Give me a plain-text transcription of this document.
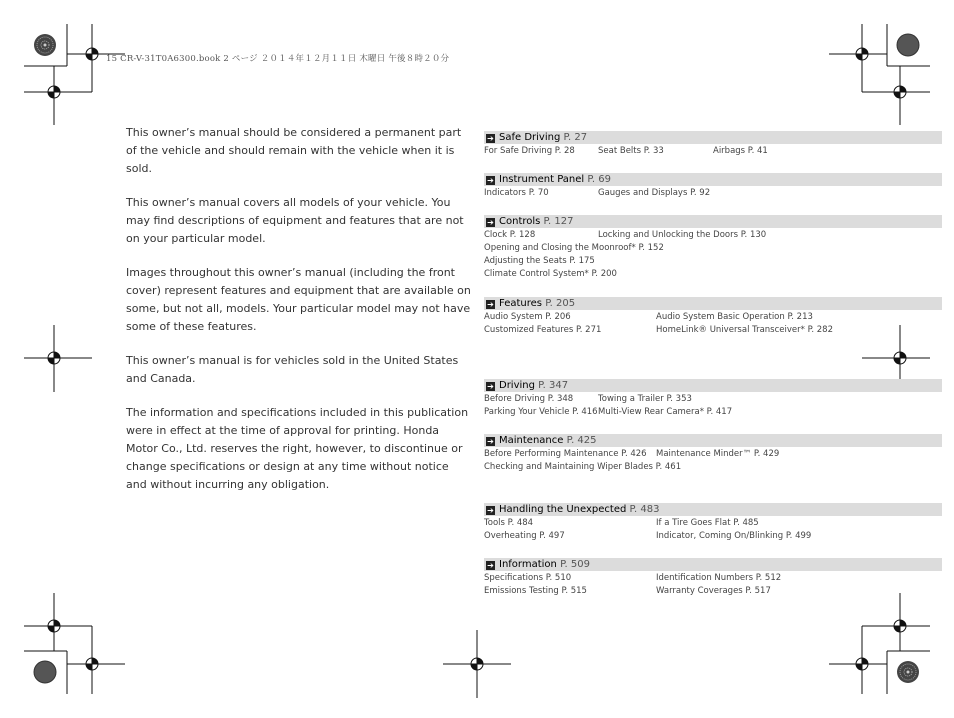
15 CR-V-31T0A6300.book 2 ページ ２０１４年１２月１１日 木曜日 午後８時２０分

This owner’s manual should be considered a permanent part of the vehicle and should remain with the vehicle when it is sold.

This owner’s manual covers all models of your vehicle. You may find descriptions of equipment and features that are not on your particular model.

Images throughout this owner’s manual (including the front cover) represent features and equipment that are available on some, but not all, models. Your particular model may not have some of these features.

This owner’s manual is for vehicles sold in the United States and Canada.

The information and specifications included in this publication were in effect at the time of approval for printing. Honda Motor Co., Ltd. reserves the right, however, to discontinue or change specifications or design at any time without notice and without incurring any obligation.

➔ Safe Driving P. 27
For Safe Driving P. 28	Seat Belts P. 33	Airbags P. 41
➔ Instrument Panel P. 69
Indicators P. 70	Gauges and Displays P. 92
➔ Controls P. 127
Clock P. 128	Locking and Unlocking the Doors P. 130
Opening and Closing the Moonroof* P. 152
Adjusting the Seats P. 175
Climate Control System* P. 200
➔ Features P. 205
Audio System P. 206	Audio System Basic Operation P. 213
Customized Features P. 271	HomeLink® Universal Transceiver* P. 282
➔ Driving P. 347
Before Driving P. 348	Towing a Trailer P. 353
Parking Your Vehicle P. 416 Multi-View Rear Camera* P. 417
➔ Maintenance P. 425
Before Performing Maintenance P. 426	Maintenance Minder™ P. 429
Checking and Maintaining Wiper Blades P. 461
➔ Handling the Unexpected P. 483
Tools P. 484	If a Tire Goes Flat P. 485
Overheating P. 497	Indicator, Coming On/Blinking P. 499
➔ Information P. 509
Specifications P. 510	Identification Numbers P. 512
Emissions Testing P. 515	Warranty Coverages P. 517
